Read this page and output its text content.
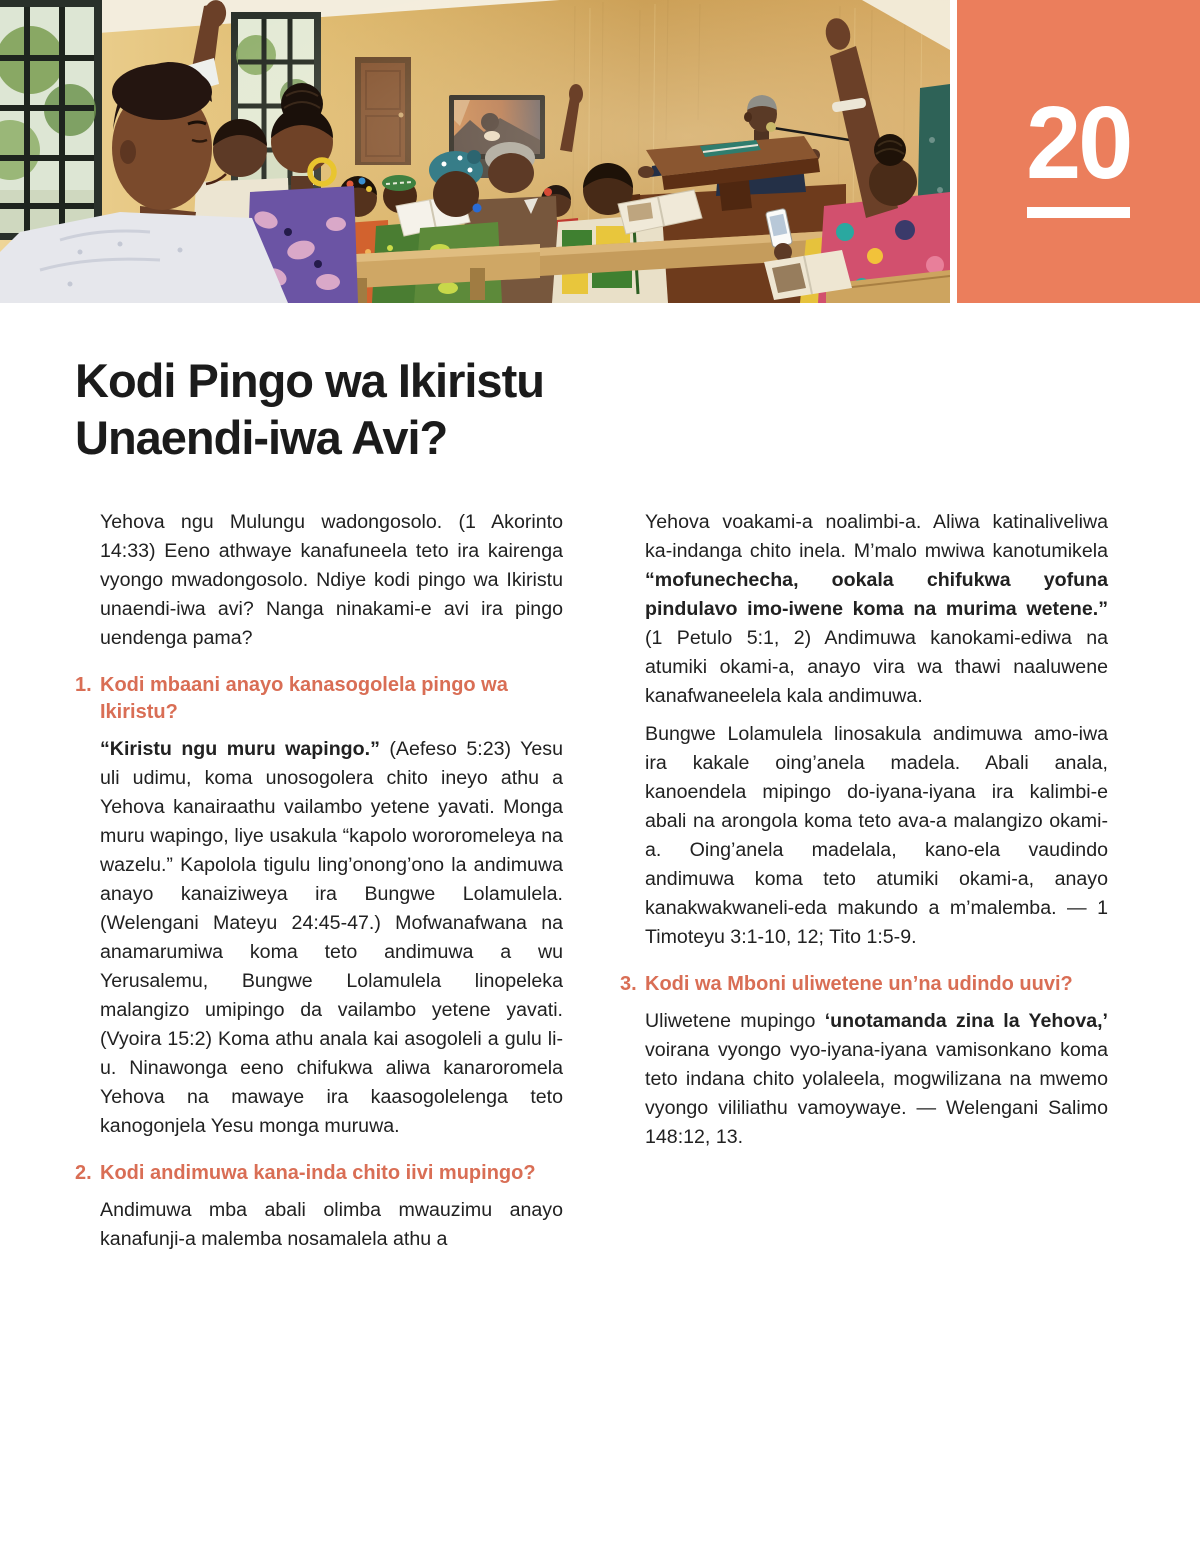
20
Kodi Pingo wa Ikiristu Unaendi-iwa Avi?

Yehova ngu Mulungu wadongosolo. (1 Akorinto 14:33) Eeno athwaye kanafuneela teto ira kairenga vyongo mwadongosolo. Ndiye kodi pingo wa Ikiristu unaendi-iwa avi? Nanga ninakami-e avi ira pingo uendenga pama?

1. Kodi mbaani anayo kanasogolela pingo wa Ikiristu?

“Kiristu ngu muru wapingo.” (Aefeso 5:23) Yesu uli udimu, koma unosogolera chito ineyo athu a Yehova kanairaathu vailambo yetene yavati. Monga muru wapingo, liye usakula “kapolo wororomeleya na wazelu.” Kapolola tigulu ling’onong’ono la andimuwa anayo kanaiziweya ira Bungwe Lolamulela. (Welengani Mateyu 24:45-47.) Mofwanafwana na anamarumiwa koma teto andimuwa a wu Yerusalemu, Bungwe Lolamulela linopeleka malangizo umipingo da vailambo yetene yavati. (Vyoira 15:2) Koma athu anala kai asogoleli a gulu li-u. Ninawonga eeno chifukwa aliwa kanaroromela Yehova na mawaye ira kaasogolelenga teto kanogonjela Yesu monga muruwa.

2. Kodi andimuwa kana-inda chito iivi mupingo?

Andimuwa mba abali olimba mwauzimu anayo kanafunji-a malemba nosamalela athu a

Yehova voakami-a noalimbi-a. Aliwa katinaliveliwa ka-indanga chito inela. M’malo mwiwa kanotumikela “mofunechecha, ookala chifukwa yofuna pindulavo imo-iwene koma na murima wetene.” (1 Petulo 5:1, 2) Andimuwa kanokami-ediwa na atumiki okami-a, anayo vira wa thawi naaluwene kanafwaneelela kala andimuwa.

Bungwe Lolamulela linosakula andimuwa amo-iwa ira kakale oing’anela madela. Abali anala, kanoendela mipingo do-iyana-iyana ira kalimbi-e abali na arongola koma teto ava-a malangizo okami-a. Oing’anela madelala, kano-ela vaudindo andimuwa koma teto atumiki okami-a, anayo kanakwakwaneli-eda makundo a m’malemba. — 1 Timoteyu 3:1-10, 12; Tito 1:5-9.

3. Kodi wa Mboni uliwetene un’na udindo uuvi?

Uliwetene mupingo ‘unotamanda zina la Yehova,’ voirana vyongo vyo-iyana-iyana vamisonkano koma teto indana chito yolaleela, mogwilizana na mwemo vyongo vililiathu vamoywaye. — Welengani Salimo 148:12, 13.
